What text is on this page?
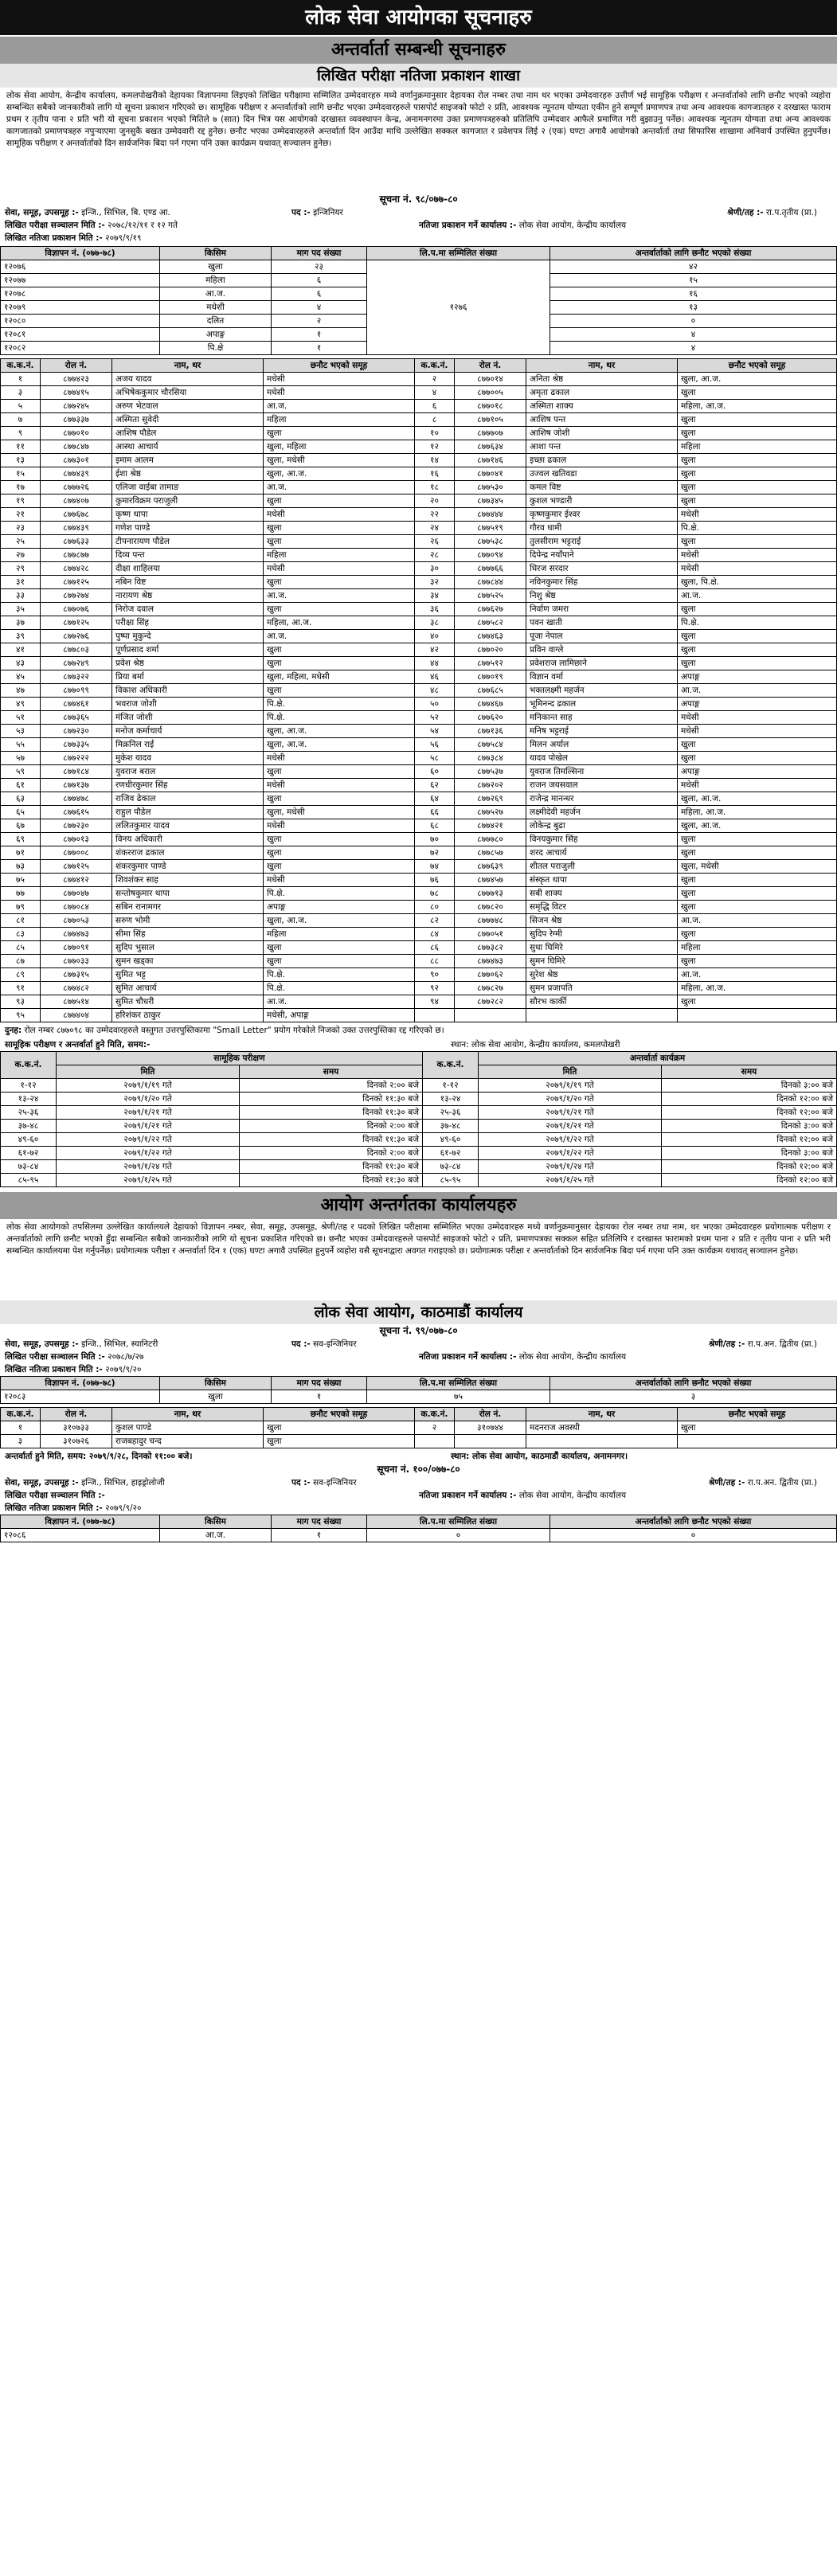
लोक सेवा आयोगका सूचनाहरु
अन्तर्वार्ता सम्बन्धी सूचनाहरु
लिखित परीक्षा नतिजा प्रकाशन शाखा
लोक सेवा आयोग, केन्द्रीय कार्यालय, कमलपोखरीको देहायका विज्ञापनमा लिइएको लिखित परीक्षामा सम्मिलित उम्मेदवारहरु मध्ये वर्णानुक्रमानुसार देहायका रोल नम्बर तथा नाम थर भएका उम्मेदवारहरु उत्तीर्ण भई सामूहिक परीक्षण र अन्तर्वार्ताको लागि छनौट भएको व्यहोरा सम्बन्धित सबैको जानकारीको लागि यो सूचना प्रकाशन गरिएको छ। सामूहिक परीक्षण र अन्तर्वार्ताको लागि छनौट भएका उम्मेदवारहरुले पासपोर्ट साइजको फोटो २ प्रति, आवश्यक न्यूनतम योग्यता एकीन हुने सम्पूर्ण प्रमाणपत्र तथा अन्य आवश्यक कागजातहरु र दरखास्त फाराम प्रथम र तृतीय पाना २ प्रति भरी यो सूचना प्रकाशन भएको मितिले ७ (सात) दिन भित्र यस आयोगको दरखास्त व्यवस्थापन केन्द्र, अनामनगरमा उक्त प्रमाणपत्रहरुको प्रतिलिपि उम्मेदवार आफैले प्रमाणित गरी बुझाउनु पर्नेछ। आवश्यक न्यूनतम योग्यता तथा अन्य आवश्यक कागजातको प्रमाणपत्रहरु नपुऱ्याएमा जुनसुकै बखत उम्मेदवारी रद्द हुनेछ। छनौट भएका उम्मेदवारहरुले अन्तर्वार्ता दिन आउँदा माथि उल्लेखित सक्कल कागजात र प्रवेशपत्र लिई २ (एक) घण्टा अगावै आयोगको अन्तर्वार्ता तथा सिफारिस शाखामा अनिवार्य उपस्थित हुनुपर्नेछ। सामूहिक परीक्षण र अन्तर्वार्ताको दिन सार्वजनिक बिदा पर्न गएमा पनि उक्त कार्यक्रम यथावत् सञ्चालन हुनेछ।
सूचना नं. ९८/०७७-८०
सेवा, समूह, उपसमूह :- इन्जि., सिभिल, बि. एण्ड आ.	पद :- इन्जिनियर	श्रेणी/तह :- रा.प.तृतीय (प्रा.)
लिखित परीक्षा सञ्चालन मिति :- २०७८/१२/११ र १२ गते	नतिजा प्रकाशन गर्ने कार्यालय :- लोक सेवा आयोग, केन्द्रीय कार्यालय
लिखित नतिजा प्रकाशन मिति :- २०७९/९/१९
विज्ञापन नं. (०७७-७८)	किसिम	माग पद संख्या	लि.प.मा सम्मिलित संख्या	अन्तर्वार्ताको लागि छनौट भएको संख्या
१२०७६	खुला	२३	१२७६	४२
१२०७७	महिला	६		१५
१२०७८	आ.ज.	६		१६
१२०७९	मधेशी	४		१३
१२०८०	दलित	२		०
१२०८१	अपाङ्ग	१		४
१२०८२	पि.क्षे	१		४
क.क.नं.	रोल नं.	नाम, थर	छनौट भएको समूह	क.क.नं.	रोल नं.	नाम, थर	छनौट भएको समूह
१	८७७४२३	अजय यादव	मधेसी	२	८७७०१४	अनिता श्रेष्ठ	खुला, आ.ज.
३	८७७४१५	अभिषेककुमार चौरसिया	मधेसी	४	८७७००५	अमृता ढकाल	खुला
५	८७७२४५	अरुण भेटवाल	आ.ज.	६	८७७०१८	अस्मिता शाक्य	महिला, आ.ज.
७	८७७३३७	अस्मिता सुवेदी	महिला	८	८७७१०५	आशिष पन्त	खुला
९	८७७०१०	आशिष पौडेल	खुला	१०	८७७७०७	आशिष जोशी	खुला
११	८७७८४७	आस्था आचार्य	खुला, महिला	१२	८७७६३४	आशा पन्त	महिला
१३	८७७३०१	इमाम आलम	खुला, मधेसी	१४	८७७१४६	इच्छा ढकाल	खुला
१५	८७७४३९	ईशा श्रेष्ठ	खुला, आ.ज.	१६	८७७०४१	उज्वल खतिवडा	खुला
१७	८७७७२६	एलिजा वाईबा तामाङ	आ.ज.	१८	८७७५३०	कमल विष्ट	खुला
१९	८७७४०७	कुमारविक्रम पराजुली	खुला	२०	८७७३४५	कुशल भण्डारी	खुला
२१	८७७६७८	कृष्ण थापा	मधेसी	२२	८७७४४४	कृष्णकुमार ईश्वर	मधेसी
२३	८७७४३९	गणेश पाण्डे	खुला	२४	८७७५१९	गौरव धामी	पि.क्षे.
२५	८७७६३३	टीपनारायण पौडेल	खुला	२६	८७७५३८	तुलसीराम भट्टराई	खुला
२७	८७७८७७	दिव्य पन्त	महिला	२८	८७७०९४	दिपेन्द्र नयाँपाने	मधेसी
२९	८७७४२८	दीक्षा शाहिलया	मधेसी	३०	८७७७६६	धिरज सरदार	मधेसी
३१	८७७१२५	नबिन विष्ट	खुला	३२	८७७८४४	नविनकुमार सिंह	खुला, पि.क्षे.
३३	८७७२७४	नारायण श्रेष्ठ	आ.ज.	३४	८७७५२५	निशु श्रेष्ठ	आ.ज.
३५	८७७०७६	निरोज दवाल	खुला	३६	८७७६२७	निर्वाण जमरा	खुला
३७	८७७१२५	परीक्षा सिंह	महिला, आ.ज.	३८	८७७५८२	पवन खाती	पि.क्षे.
३९	८७७२७६	पुष्पा मुकुन्दे	आ.ज.	४०	८७७४६३	पूजा नेपाल	खुला
४१	८७७८०३	पूर्णप्रसाद शर्मा	खुला	४२	८७७०२०	प्रविन वाग्ले	खुला
४३	८७७२४९	प्रवेश श्रेष्ठ	खुला	४४	८७७५१२	प्रवेशराज लामिछाने	खुला
४५	८७७३२२	प्रिया बर्मा	खुला, महिला, मधेसी	४६	८७७०१९	विज्ञान वर्मा	अपाङ्ग
४७	८७७०९९	विकाश अधिकारी	खुला	४८	८७७६८५	भक्तलक्ष्मी महर्जन	आ.ज.
४९	८७७४६१	भवराज जोशी	पि.क्षे.	५०	८७७४६७	भूमिनन्द ढकाल	अपाङ्ग
५१	८७७३६५	मंजित जोशी	पि.क्षे.	५२	८७७६२०	मनिकान्त साह	मधेसी
५३	८७७२३०	मनोज कर्माचार्य	खुला, आ.ज.	५४	८७७१३६	मनिष भट्टराई	मधेसी
५५	८७७३३५	मिक्रनिल राई	खुला, आ.ज.	५६	८७७५८४	मिलन अर्याल	खुला
५७	८७७२२२	मुकेश यादव	मधेसी	५८	८७७३८४	यादव पोखेल	खुला
५९	८७७१८४	युवराज बराल	खुला	६०	८७७५३७	युवराज तिमल्सिना	अपाङ्ग
६१	८७७१३७	रणधीरकुमार सिंह	मधेसी	६२	८७७२०२	राजन जयसवाल	मधेसी
६३	८७७४७८	राजिव ढेकाल	खुला	६४	८७७२६९	राजेन्द्र मानन्धर	खुला, आ.ज.
६५	८७७६१५	राहुल पौडेल	खुला, मधेसी	६६	८७७५२७	लक्ष्मीदेवी महर्जन	महिला, आ.ज.
६७	८७७२३०	ललितकुमार यादव	मधेसी	६८	८७७४२१	लोकेन्द्र बुढा	खुला, आ.ज.
६९	८७७०१३	विनय अधिकारी	खुला	७०	८७७७८०	विनयकुमार सिंह	खुला
७१	८७७००८	शंकरराज ढकाल	खुला	७२	८७७८५७	शरद आचार्य	खुला
७३	८७७१२५	शंकरकुमार पाण्डे	खुला	७४	८७७६३९	शीतल पराजुली	खुला, मधेसी
७५	८७७४१२	शिवशंकर साह	मधेसी	७६	८७७४५७	संस्कृत थापा	खुला
७७	८७७०४७	सन्तोषकुमार थापा	पि.क्षे.	७८	८७७७१३	सबी शाक्य	खुला
७९	८७७०८४	सबिन रानामगर	अपाङ्ग	८०	८७७८२०	समृद्धि विटर	खुला
८१	८७७०५३	सरुण भोमी	खुला, आ.ज.	८२	८७७७४८	सिजन श्रेष्ठ	आ.ज.
८३	८७७४७३	सीमा सिंह	महिला	८४	८७७०५१	सुदिप रेग्मी	खुला
८५	८७७०९१	सुदिप भुसाल	खुला	८६	८७७३८२	सुधा घिमिरे	महिला
८७	८७७०३३	सुमन खड्का	खुला	८८	८७७४७३	सुमन घिमिरे	खुला
८९	८७७३१५	सुमित भट्ट	पि.क्षे.	९०	८७७०६२	सुरेश श्रेष्ठ	आ.ज.
९१	८७७४८२	सुमित आचार्य	पि.क्षे.	९२	८७७८२७	सुमन प्रजापति	महिला, आ.ज.
९३	८७७५१४	सुमित चौधरी	आ.ज.	९४	८७७२८२	सौरभ कार्की	खुला
९५	८७७४०४	हरिशंकर ठाकुर	मधेसी, अपाङ्ग				
दुनह: रोल नम्बर ८७७०९८ का उम्मेदवारहरुले वस्तुगत उत्तरपुस्तिकामा "Small Letter" प्रयोग गरेकोले निजको उक्त उत्तरपुस्तिका रद्द गरिएको छ।
सामूहिक परीक्षण र अन्तर्वार्ता हुने मिति, समय:-	स्थान: लोक सेवा आयोग, केन्द्रीय कार्यालय, कमलपोखरी
क.क.नं.	सामूहिक परीक्षण		क.क.नं.	अन्तर्वार्ता कार्यक्रम	
	मिति	समय		मिति	समय
१-१२	२०७९/१/१९ गते	दिनको २:०० बजे	१-१२	२०७९/१/१९ गते	दिनको ३:०० बजे
१३-२४	२०७९/१/२० गते	दिनको ११:३० बजे	१३-२४	२०७९/१/२० गते	दिनको १२:०० बजे
२५-३६	२०७९/१/२१ गते	दिनको ११:३० बजे	२५-३६	२०७९/१/२१ गते	दिनको १२:०० बजे
३७-४८	२०७९/१/२१ गते	दिनको २:०० बजे	३७-४८	२०७९/१/२१ गते	दिनको ३:०० बजे
४९-६०	२०७९/१/२२ गते	दिनको ११:३० बजे	४९-६०	२०७९/१/२२ गते	दिनको १२:०० बजे
६१-७२	२०७९/१/२२ गते	दिनको २:०० बजे	६१-७२	२०७९/१/२२ गते	दिनको ३:०० बजे
७३-८४	२०७९/१/२४ गते	दिनको ११:३० बजे	७३-८४	२०७९/१/२४ गते	दिनको १२:०० बजे
८५-९५	२०७९/१/२५ गते	दिनको ११:३० बजे	८५-९५	२०७९/१/२५ गते	दिनको १२:०० बजे
आयोग अन्तर्गतका कार्यालयहरु
लोक सेवा आयोगको तपसिलमा उल्लेखित कार्यालयले देहायको विज्ञापन नम्बर, सेवा, समूह, उपसमूह, श्रेणी/तह र पदको लिखित परीक्षामा सम्मिलित भएका उम्मेदवारहरु मध्ये वर्णानुक्रमानुसार देहायका रोल नम्बर तथा नाम, थर भएका उम्मेदवारहरु प्रयोगात्मक परीक्षण र अन्तर्वार्ताको लागि छनौट भएको हुँदा सम्बन्धित सबैको जानकारीको लागि यो सूचना प्रकाशित गरिएको छ। छनौट भएका उम्मेदवारहरुले पासपोर्ट साइजको फोटो २ प्रति, प्रमाणपत्रका सक्कल सहित प्रतिलिपि र दरखास्त फारामको प्रथम पाना २ प्रति र तृतीय पाना २ प्रति भरी सम्बन्धित कार्यालयमा पेश गर्नुपर्नेछ। प्रयोगात्मक परीक्षा र अन्तर्वार्ता दिन १ (एक) घण्टा अगावै उपस्थित हुनुपर्ने व्यहोरा यसै सूचनाद्वारा अवगत गराइएको छ। प्रयोगात्मक परीक्षा र अन्तर्वार्ताको दिन सार्वजनिक बिदा पर्न गएमा पनि उक्त कार्यक्रम यथावत् सञ्चालन हुनेछ।
लोक सेवा आयोग, काठमाडौं कार्यालय
सूचना नं. ९९/०७७-८०
सेवा, समूह, उपसमूह :- इन्जि., सिभिल, स्यानिटरी	पद :- सव-इन्जिनियर	श्रेणी/तह :- रा.प.अन. द्वितीय (प्रा.)
लिखित परीक्षा सञ्चालन मिति :- २०७८/७/२७	नतिजा प्रकाशन गर्ने कार्यालय :- लोक सेवा आयोग, केन्द्रीय कार्यालय
लिखित नतिजा प्रकाशन मिति :- २०७९/९/२०
विज्ञापन नं. (०७७-७८)	किसिम	माग पद संख्या	लि.प.मा सम्मिलित संख्या	अन्तर्वार्ताको लागि छनौट भएको संख्या
१२०८३	खुला	१	७५	३
क.क.नं.	रोल नं.	नाम, थर	छनौट भएको समूह	क.क.नं.	रोल नं.	नाम, थर	छनौट भएको समूह
१	३१०७३३	कुशल पाण्डे	खुला	२	३१०७४४	मदनराज अवस्थी	खुला
३	३१०७२६	राजबहादुर चन्द	खुला				
अन्तर्वार्ता हुने मिति, समय: २०७९/९/२८, दिनको ११:०० बजे।	स्थान: लोक सेवा आयोग, काठमाडौं कार्यालय, अनामनगर।
सूचना नं. १००/०७७-८०
सेवा, समूह, उपसमूह :- इन्जि., सिभिल, हाइड्रोलोजी	पद :- सव-इन्जिनियर	श्रेणी/तह :- रा.प.अन. द्वितीय (प्रा.)
लिखित परीक्षा सञ्चालन मिति :-	नतिजा प्रकाशन गर्ने कार्यालय :- लोक सेवा आयोग, केन्द्रीय कार्यालय
लिखित नतिजा प्रकाशन मिति :- २०७९/९/२०
विज्ञापन नं. (०७७-७८)	किसिम	माग पद संख्या	लि.प.मा सम्मिलित संख्या	अन्तर्वार्ताको लागि छनौट भएको संख्या
१२०८६	आ.ज.	१	०	०
